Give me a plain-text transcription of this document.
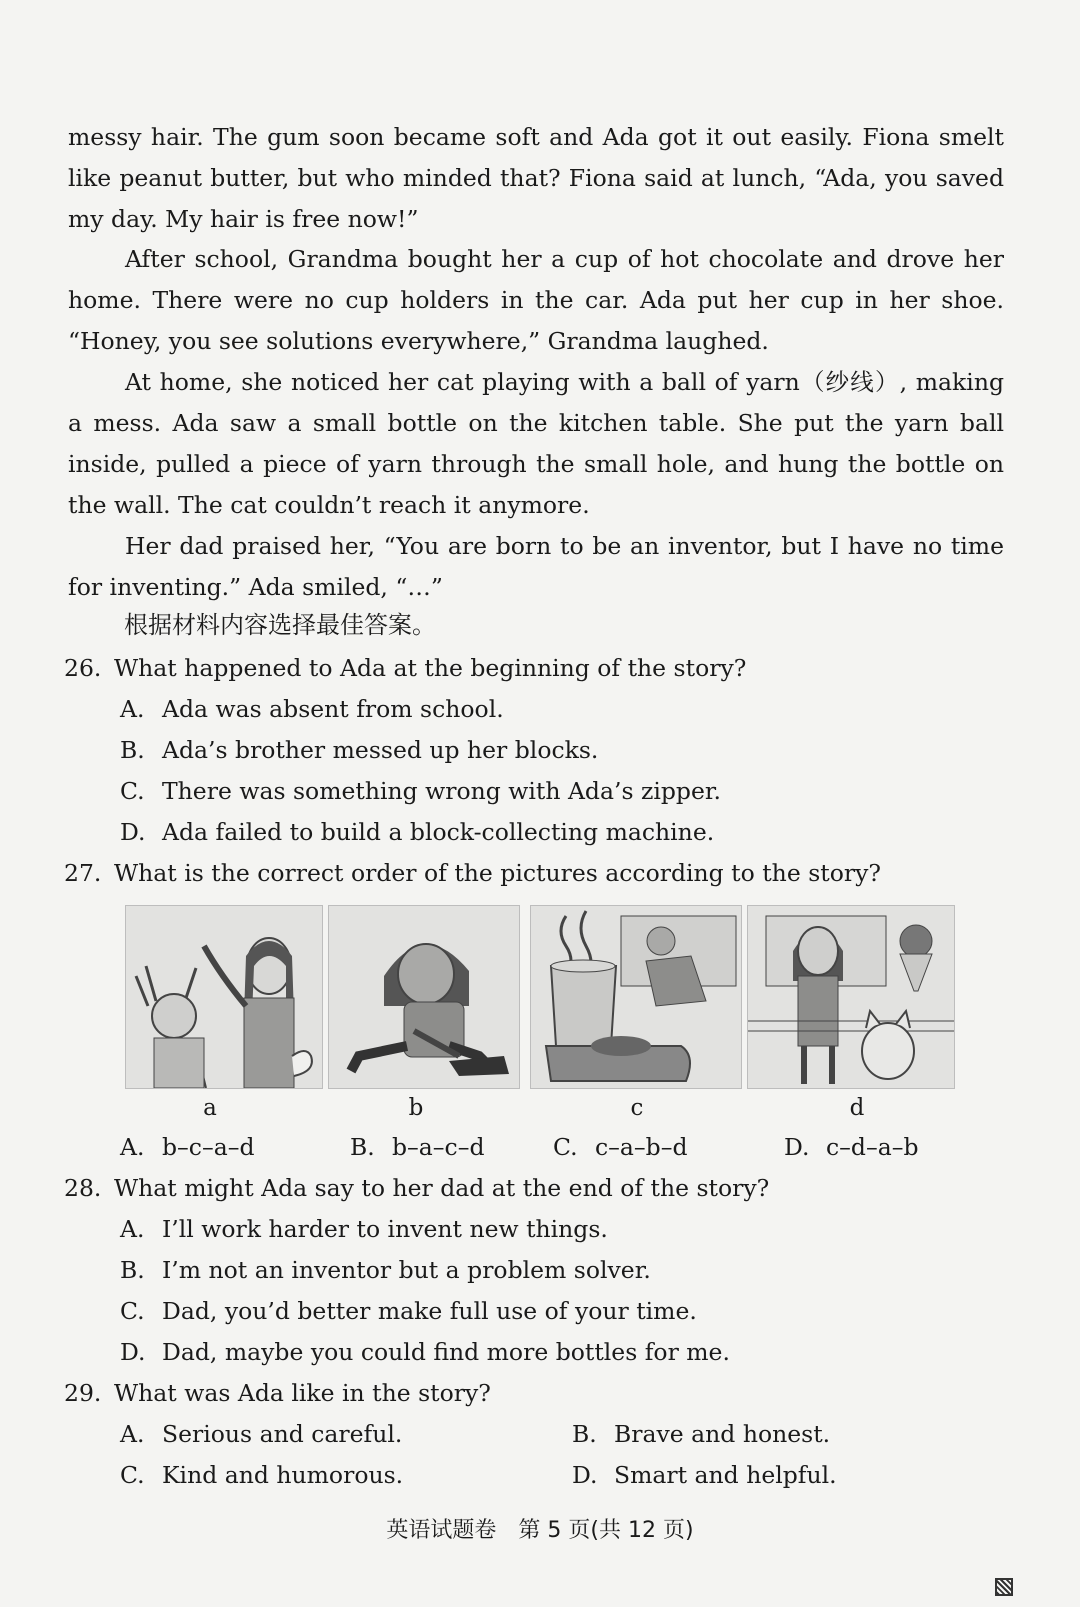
messy hair. The gum soon became soft and Ada got it out easily. Fiona smelt like peanut butter, but who minded that? Fiona said at lunch, “Ada, you saved my day. My hair is free now!”

After school, Grandma bought her a cup of hot chocolate and drove her home. There were no cup holders in the car. Ada put her cup in her shoe. “Honey, you see solutions everywhere,” Grandma laughed.

At home, she noticed her cat playing with a ball of yarn（纱线）, making a mess. Ada saw a small bottle on the kitchen table. She put the yarn ball inside, pulled a piece of yarn through the small hole, and hung the bottle on the wall. The cat couldn’t reach it anymore.

Her dad praised her, “You are born to be an inventor, but I have no time for inventing.” Ada smiled, “…”

根据材料内容选择最佳答案。
26. What happened to Ada at the beginning of the story?
A. Ada was absent from school.
B. Ada’s brother messed up her blocks.
C. There was something wrong with Ada’s zipper.
D. Ada failed to build a block-collecting machine.
27. What is the correct order of the pictures according to the story?
a	b	c	d
A. b–c–a–d	B. b–a–c–d	C. c–a–b–d	D. c–d–a–b
28. What might Ada say to her dad at the end of the story?
A. I’ll work harder to invent new things.
B. I’m not an inventor but a problem solver.
C. Dad, you’d better make full use of your time.
D. Dad, maybe you could find more bottles for me.
29. What was Ada like in the story?
A. Serious and careful.	B. Brave and honest.
C. Kind and humorous.	D. Smart and helpful.
英语试题卷　第 5 页(共 12 页)
